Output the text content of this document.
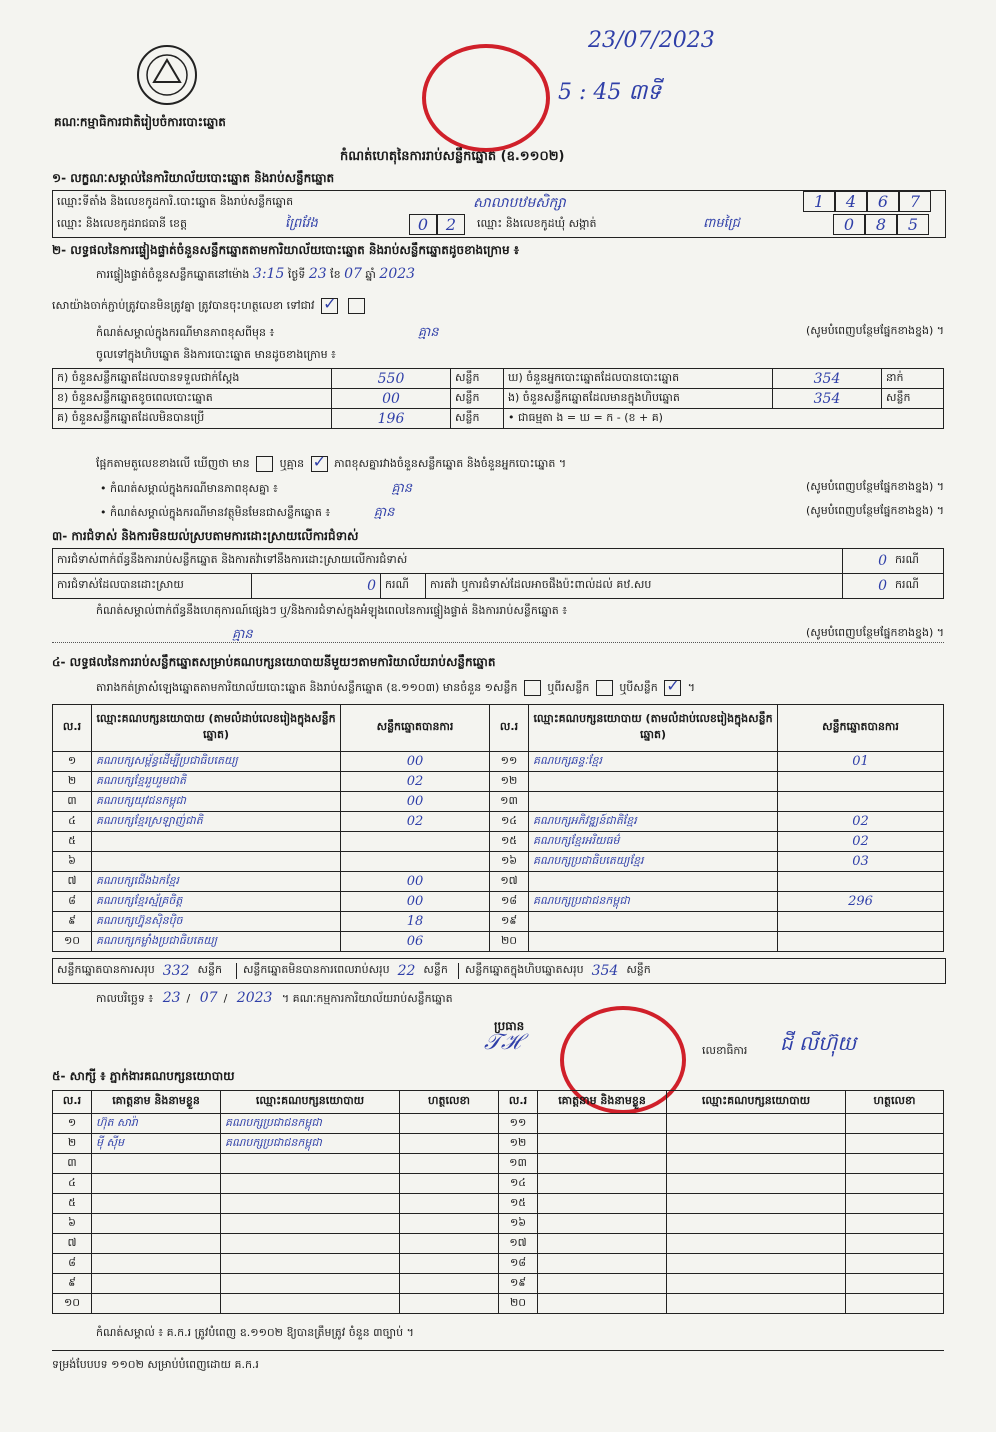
គណៈកម្មាធិការជាតិរៀបចំការបោះឆ្នោត
23/07/2023
5 : 45 ៣ទី
កំណត់ហេតុនៃការរាប់សន្លឹកឆ្នោត (ឧ.១១០២)
១- លក្ខណៈសម្គាល់នៃការិយាល័យបោះឆ្នោត និងរាប់សន្លឹកឆ្នោត
ឈ្មោះទីតាំង និងលេខកូដការិ.បោះឆ្នោត និងរាប់សន្លឹកឆ្នោត	សាលាបឋមសិក្សា	1	4	6	7
ឈ្មោះ និងលេខកូដរាជធានី ខេត្ត	ព្រៃវែង	0	2	ឈ្មោះ និងលេខកូដឃុំ សង្កាត់	ពាមជ្រៃ	0	8	5
២- លទ្ធផលនៃការផ្ទៀងផ្ទាត់ចំនួនសន្លឹកឆ្នោតតាមការិយាល័យបោះឆ្នោត និងរាប់សន្លឹកឆ្នោតដូចខាងក្រោម ៖
ការផ្ទៀងផ្ទាត់ចំនួនសន្លឹកឆ្នោតនៅម៉ោង 3:15 ថ្ងៃទី 23 ខែ 07 ឆ្នាំ 2023
សោយ៉ាងចាក់ភ្ជាប់ត្រូវបានមិនត្រូវគ្នា ត្រូវបានចុះហត្ថលេខា ទៅជាវ ✓
កំណត់សម្គាល់ក្នុងករណីមានភាពខុសពីមុន ៖	គ្មាន	(សូមបំពេញបន្ថែមផ្នែកខាងខ្នង) ។
ចូលទៅក្នុងហិបឆ្នោត និងការបោះឆ្នោត មានដូចខាងក្រោម ៖
ក) ចំនួនសន្លឹកឆ្នោតដែលបានទទួលជាក់ស្តែង	550	សន្លឹក	ឃ) ចំនួនអ្នកបោះឆ្នោតដែលបានបោះឆ្នោត	354	នាក់
ខ) ចំនួនសន្លឹកឆ្នោតខូចពេលបោះឆ្នោត	00	សន្លឹក	ង) ចំនួនសន្លឹកឆ្នោតដែលមានក្នុងហិបឆ្នោត	354	សន្លឹក
គ) ចំនួនសន្លឹកឆ្នោតដែលមិនបានប្រើ	196	សន្លឹក	• ជាធម្មតា ង = ឃ = ក - (ខ + គ)		
ផ្អែកតាមតួលេខខាងលើ ឃើញថា មាន  ឬគ្មាន ✓ ភាពខុសគ្នារវាងចំនួនសន្លឹកឆ្នោត និងចំនួនអ្នកបោះឆ្នោត ។
• កំណត់សម្គាល់ក្នុងករណីមានភាពខុសគ្នា ៖	គ្មាន	(សូមបំពេញបន្ថែមផ្នែកខាងខ្នង) ។
• កំណត់សម្គាល់ក្នុងករណីមានវត្ថុមិនមែនជាសន្លឹកឆ្នោត ៖	គ្មាន	(សូមបំពេញបន្ថែមផ្នែកខាងខ្នង) ។
៣- ការជំទាស់ និងការមិនយល់ស្របតាមការដោះស្រាយលើការជំទាស់
ការជំទាស់ពាក់ព័ន្ធនឹងការរាប់សន្លឹកឆ្នោត និងការតវ៉ាទៅនឹងការដោះស្រាយលើការជំទាស់				0	ករណី
ការជំទាស់ដែលបានដោះស្រាយ	0	ករណី	ការតវ៉ា ឬការជំទាស់ដែលអាចផឹងប៉ះពាល់ដល់ គឋ.សប	0	ករណី
កំណត់សម្គាល់ពាក់ព័ន្ធនឹងហេតុការណ៍ផ្សេងៗ ឬ/និងការជំទាស់ក្នុងអំឡុងពេលនៃការផ្ទៀងផ្ទាត់ និងការរាប់សន្លឹកឆ្នោត ៖
គ្មាន	(សូមបំពេញបន្ថែមផ្នែកខាងខ្នង) ។
៤- លទ្ធផលនៃការរាប់សន្លឹកឆ្នោតសម្រាប់គណបក្សនយោបាយនីមួយៗតាមការិយាល័យរាប់សន្លឹកឆ្នោត
តារាងកត់ត្រាសំឡេងឆ្នោតតាមការិយាល័យបោះឆ្នោត និងរាប់សន្លឹកឆ្នោត (ឧ.១១០៣) មានចំនួន ១សន្លឹក  ឬពីរសន្លឹក  ឬបីសន្លឹក ✓ ។
ល.រ	ឈ្មោះគណបក្សនយោបាយ (តាមលំដាប់លេខរៀងក្នុងសន្លឹកឆ្នោត)	សន្លឹកឆ្នោតបានការ	ល.រ	ឈ្មោះគណបក្សនយោបាយ (តាមលំដាប់លេខរៀងក្នុងសន្លឹកឆ្នោត)	សន្លឹកឆ្នោតបានការ
១	គណបក្សសម្ព័ន្ធដើម្បីប្រជាធិបតេយ្យ	00	១១	គណបក្សឆន្ទៈខ្មែរ	01
២	គណបក្សខ្មែររួបរួមជាតិ	02	១២		
៣	គណបក្សយុវជនកម្ពុជា	00	១៣		
៤	គណបក្សខ្មែរស្រឡាញ់ជាតិ	02	១៤	គណបក្សអភិវឌ្ឍន៍ជាតិខ្មែរ	02
៥			១៥	គណបក្សខ្មែរអរិយធម៌	02
៦			១៦	គណបក្សប្រជាធិបតេយ្យខ្មែរ	03
៧	គណបក្សជើងឯកខ្មែរ	00	១៧		
៨	គណបក្សខ្មែរស្ម័គ្រចិត្ត	00	១៨	គណបក្សប្រជាជនកម្ពុជា	296
៩	គណបក្សហ្វ៊ុនស៊ិនប៉ិច	18	១៩		
១០	គណបក្សកម្លាំងប្រជាធិបតេយ្យ	06	២០		
សន្លឹកឆ្នោតបានការសរុប 332 សន្លឹក	សន្លឹកឆ្នោតមិនបានការពេលរាប់សរុប 22 សន្លឹក	សន្លឹកឆ្នោតក្នុងហិបឆ្នោតសរុប 354 សន្លឹក
កាលបរិច្ឆេទ ៖ 23 / 07 / 2023 ។ គណៈកម្មការការិយាល័យរាប់សន្លឹកឆ្នោត
ប្រធាន
𝒯ℋ	លេខាធិការ ជី លីហ៊ុយ
៥- សាក្សី ៖ ភ្នាក់ងារគណបក្សនយោបាយ
ល.រ	គោត្តនាម និងនាមខ្លួន	ឈ្មោះគណបក្សនយោបាយ	ហត្ថលេខា	ល.រ	គោត្តនាម និងនាមខ្លួន	ឈ្មោះគណបក្សនយោបាយ	ហត្ថលេខា
១	ហ៊ុត សារ៉ា	គណបក្សប្រជាជនកម្ពុជា		១១			
២	ម៉ី ស៊ីម	គណបក្សប្រជាជនកម្ពុជា		១២			
៣				១៣			
៤				១៤			
៥				១៥			
៦				១៦			
៧				១៧			
៨				១៨			
៩				១៩			
១០				២០			
កំណត់សម្គាល់ ៖ គ.ក.រ ត្រូវបំពេញ ឧ.១១០២ ឱ្យបានត្រឹមត្រូវ ចំនួន ៣ច្បាប់ ។
ទម្រង់បែបបទ ១១០២ សម្រាប់បំពេញដោយ គ.ក.រ
